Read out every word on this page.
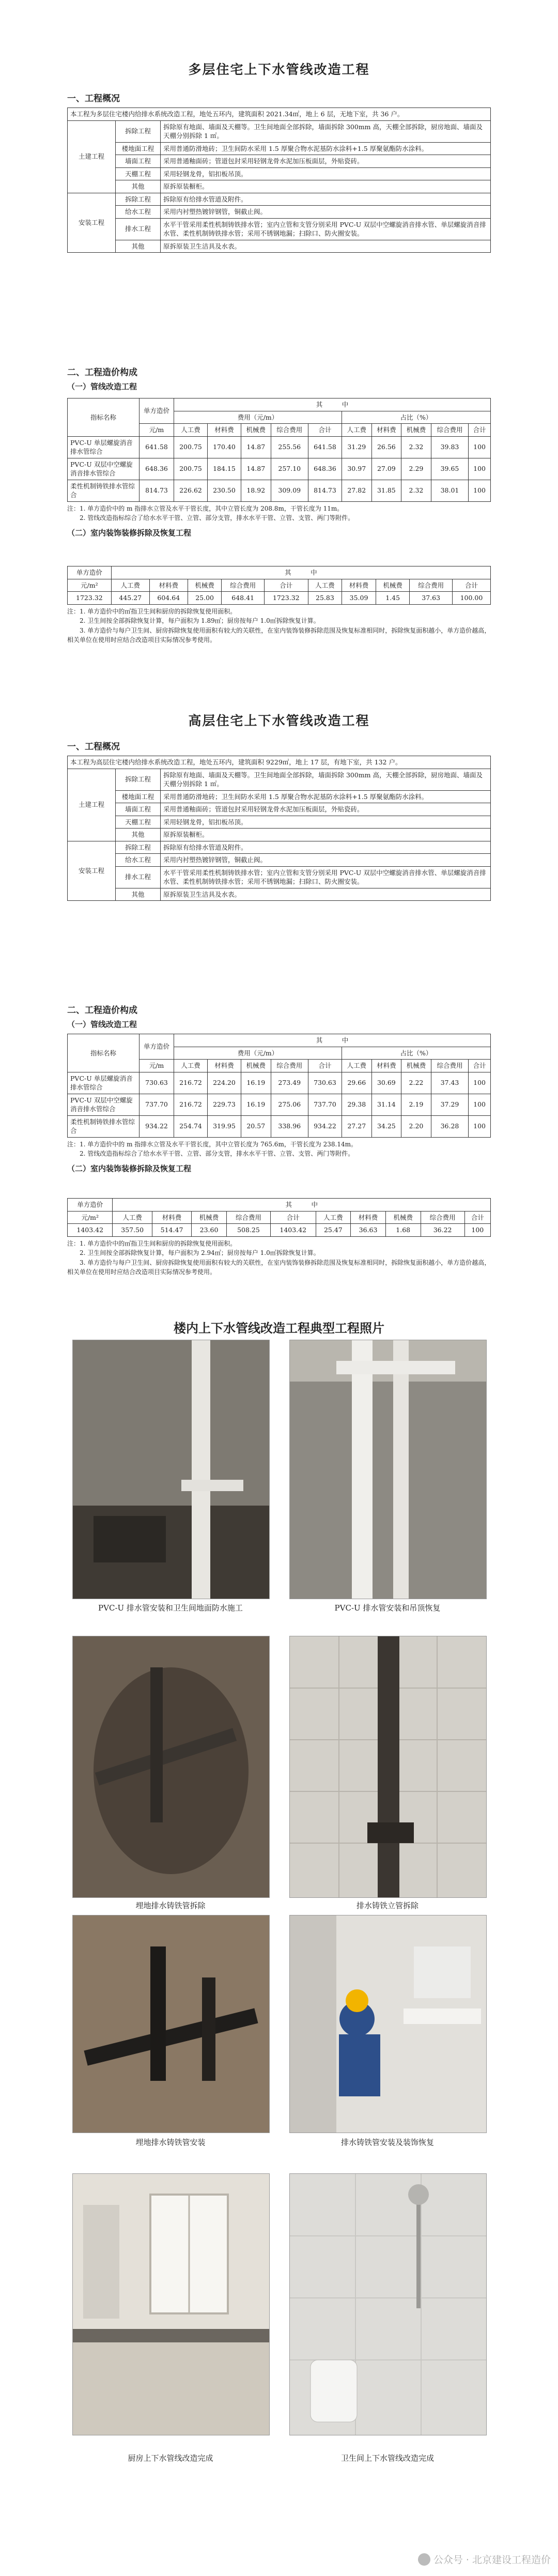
多层住宅上下水管线改造工程

一、工程概况

本工程为多层住宅楼内给排水系统改造工程，地处五环内，建筑面积 2021.34㎡，地上 6 层，无地下室，共 36 户。		
土建工程	拆除工程	拆除原有地面、墙面及天棚等。卫生间地面全部拆除，墙面拆除 300mm 高，天棚全部拆除，厨房地面、墙面及天棚分别拆除 1 ㎡。
	楼地面工程	采用普通防滑地砖；卫生间防水采用 1.5 厚聚合物水泥基防水涂料+1.5 厚聚氨酯防水涂料。
	墙面工程	采用普通釉面砖；管道包封采用轻钢龙骨水泥加压板面层，外贴瓷砖。
	天棚工程	采用轻钢龙骨，铝扣板吊顶。
	其他	原拆原装橱柜。
安装工程	拆除工程	拆除原有给排水管道及附件。
	给水工程	采用内衬塑热镀锌钢管，铜截止阀。
	排水工程	水平干管采用柔性机制铸铁排水管；室内立管和支管分别采用 PVC-U 双层中空螺旋消音排水管、单层螺旋消音排水管、柔性机制铸铁排水管；采用不锈钢地漏；扫除口、防火圈安装。
	其他	原拆原装卫生洁具及水表。

二、工程造价构成

（一）管线改造工程

指标名称	单方造价	其　　　中									
		费用（元/m）					占比（%）				
	元/m	人工费	材料费	机械费	综合费用	合计	人工费	材料费	机械费	综合费用	合计
PVC-U 单层螺旋消音排水管综合	641.58	200.75	170.40	14.87	255.56	641.58	31.29	26.56	2.32	39.83	100
PVC-U 双层中空螺旋消音排水管综合	648.36	200.75	184.15	14.87	257.10	648.36	30.97	27.09	2.29	39.65	100
柔性机制铸铁排水管综合	814.73	226.62	230.50	18.92	309.09	814.73	27.82	31.85	2.32	38.01	100

注：1. 单方造价中的 m 指排水立管及水平干管长度，其中立管长度为 208.8m，干管长度为 11m。

　　2. 管线改造指标综合了给水水平干管、立管、部分支管，排水水平干管、立管、支管、两门等附件。

（二）室内装饰装修拆除及恢复工程

单方造价	其　　　中									
元/m²	人工费	材料费	机械费	综合费用	合计	人工费	材料费	机械费	综合费用	合计
1723.32	445.27	604.64	25.00	648.41	1723.32	25.83	35.09	1.45	37.63	100.00

注：1. 单方造价中的㎡指卫生间和厨房的拆除恢复使用面积。

　　2. 卫生间按全部拆除恢复计算，每户面积为 1.89㎡；厨房按每户 1.0㎡拆除恢复计算。

　　3. 单方造价与每户卫生间、厨房拆除恢复使用面积有较大的关联性，在室内装饰装修拆除范围及恢复标准相同时，拆除恢复面积越小，单方造价越高，相关单位在使用时应结合改造项目实际情况参考使用。

高层住宅上下水管线改造工程

一、工程概况

本工程为高层住宅楼内给排水系统改造工程，地处五环内，建筑面积 9229㎡，地上 17 层，有地下室，共 132 户。		
土建工程	拆除工程	拆除原有地面、墙面及天棚等。卫生间地面全部拆除，墙面拆除 300mm 高，天棚全部拆除，厨房地面、墙面及天棚分别拆除 1 ㎡。
	楼地面工程	采用普通防滑地砖；卫生间防水采用 1.5 厚聚合物水泥基防水涂料+1.5 厚聚氨酯防水涂料。
	墙面工程	采用普通釉面砖；管道包封采用轻钢龙骨水泥加压板面层，外贴瓷砖。
	天棚工程	采用轻钢龙骨，铝扣板吊顶。
	其他	原拆原装橱柜。
安装工程	拆除工程	拆除原有给排水管道及附件。
	给水工程	采用内衬塑热镀锌钢管，铜截止阀。
	排水工程	水平干管采用柔性机制铸铁排水管；室内立管和支管分别采用 PVC-U 双层中空螺旋消音排水管、单层螺旋消音排水管、柔性机制铸铁排水管；采用不锈钢地漏；扫除口、防火圈安装。
	其他	原拆原装卫生洁具及水表。

二、工程造价构成

（一）管线改造工程

指标名称	单方造价	其　　　中									
		费用（元/m）					占比（%）				
	元/m	人工费	材料费	机械费	综合费用	合计	人工费	材料费	机械费	综合费用	合计
PVC-U 单层螺旋消音排水管综合	730.63	216.72	224.20	16.19	273.49	730.63	29.66	30.69	2.22	37.43	100
PVC-U 双层中空螺旋消音排水管综合	737.70	216.72	229.73	16.19	275.06	737.70	29.38	31.14	2.19	37.29	100
柔性机制铸铁排水管综合	934.22	254.74	319.95	20.57	338.96	934.22	27.27	34.25	2.20	36.28	100

注：1. 单方造价中的 m 指排水立管及水平干管长度，其中立管长度为 765.6m，干管长度为 238.14m。

　　2. 管线改造指标综合了给水水平干管、立管、部分支管，排水水平干管、立管、支管、两门等附件。

（二）室内装饰装修拆除及恢复工程

单方造价	其　　　中									
元/m²	人工费	材料费	机械费	综合费用	合计	人工费	材料费	机械费	综合费用	合计
1403.42	357.50	514.47	23.60	508.25	1403.42	25.47	36.63	1.68	36.22	100

注：1. 单方造价中的㎡指卫生间和厨房的拆除恢复使用面积。

　　2. 卫生间按全部拆除恢复计算，每户面积为 2.94㎡；厨房按每户 1.0㎡拆除恢复计算。

　　3. 单方造价与每户卫生间、厨房拆除恢复使用面积有较大的关联性，在室内装饰装修拆除范围及恢复标准相同时，拆除恢复面积越小，单方造价越高，相关单位在使用时应结合改造项目实际情况参考使用。

楼内上下水管线改造工程典型工程照片

PVC-U 排水管安装和卫生间地面防水施工	PVC-U 排水管安装和吊顶恢复
埋地排水铸铁管拆除	排水铸铁立管拆除
埋地排水铸铁管安装	排水铸铁管安装及装饰恢复
厨房上下水管线改造完成	卫生间上下水管线改造完成
公众号 · 北京建设工程造价
